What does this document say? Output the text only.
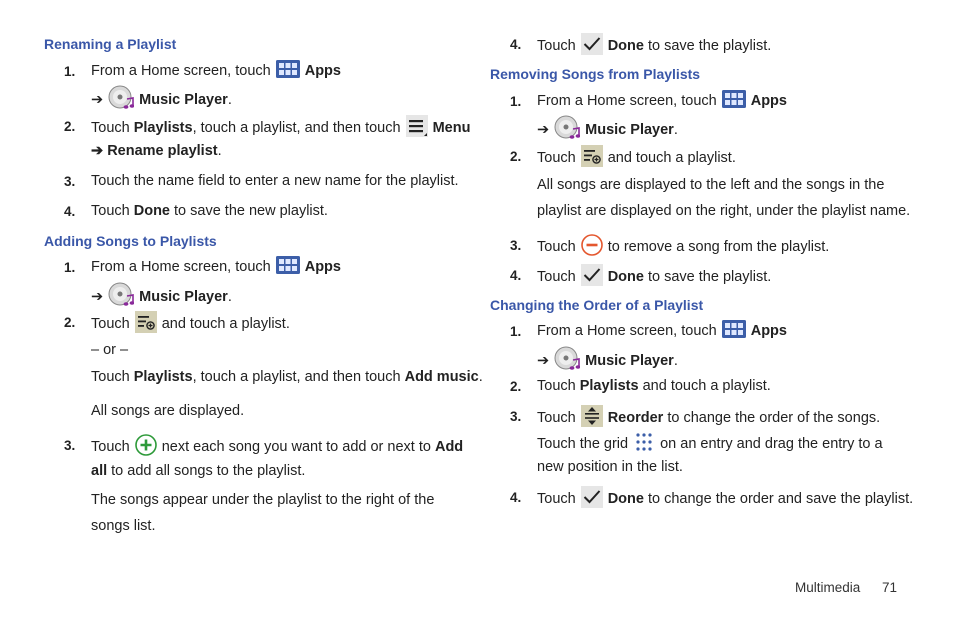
Renaming a Playlist
1.	From a Home screen, touch Apps
➔ Music Player.
2.	Touch Playlists, touch a playlist, and then touch Menu
➔ Rename playlist.
3.	Touch the name field to enter a new name for the playlist.
4.	Touch Done to save the new playlist.
Adding Songs to Playlists
1.	From a Home screen, touch Apps
➔ Music Player.
2.	Touch and touch a playlist.
– or –
Touch Playlists, touch a playlist, and then touch Add music.
All songs are displayed.
3.	Touch next each song you want to add or next to Add
all to add all songs to the playlist.
The songs appear under the playlist to the right of the
songs list.
4.	Touch Done to save the playlist.
Removing Songs from Playlists
1.	From a Home screen, touch Apps
➔ Music Player.
2.	Touch and touch a playlist.
All songs are displayed to the left and the songs in the
playlist are displayed on the right, under the playlist name.
3.	Touch to remove a song from the playlist.
4.	Touch Done to save the playlist.
Changing the Order of a Playlist
1.	From a Home screen, touch Apps
➔ Music Player.
2.	Touch Playlists and touch a playlist.
3.	Touch Reorder to change the order of the songs.
Touch the grid on an entry and drag the entry to a
new position in the list.
4.	Touch Done to change the order and save the playlist.
Multimedia 71
